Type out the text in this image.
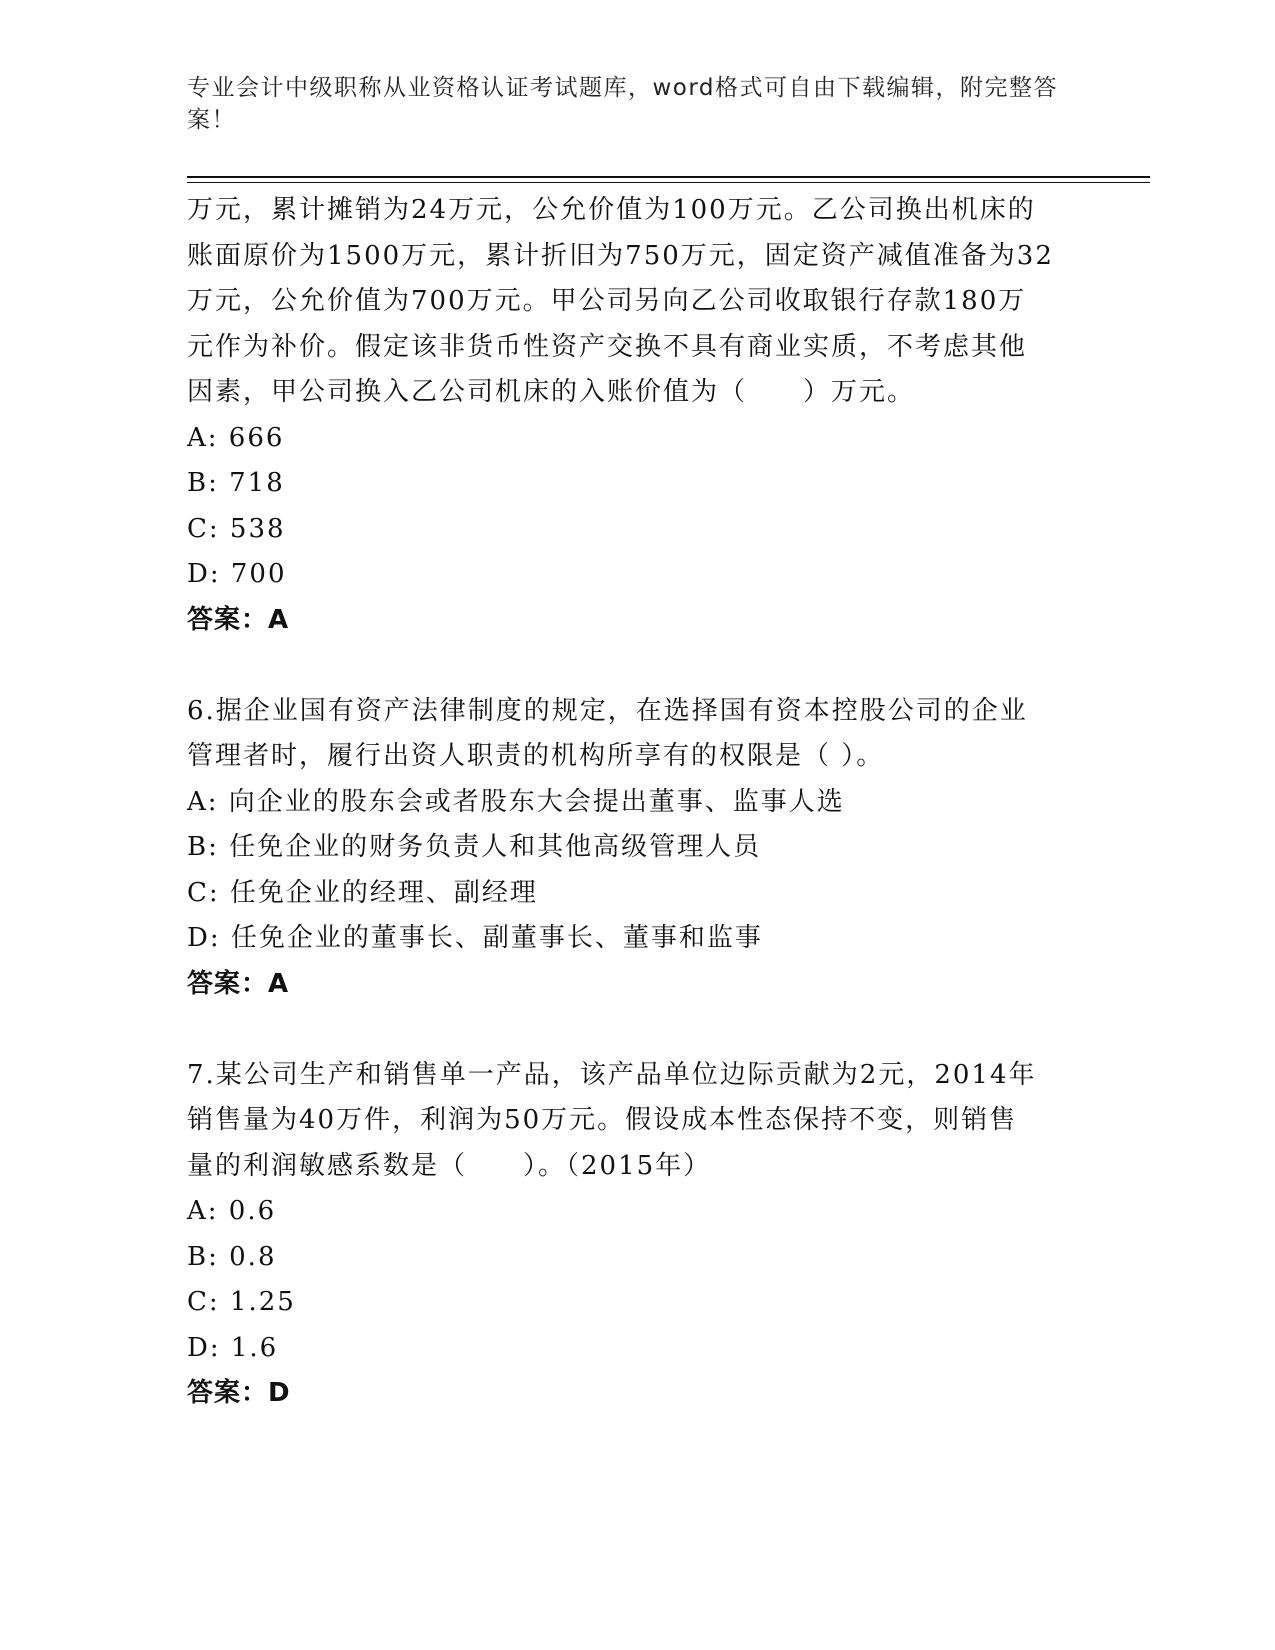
专业会计中级职称从业资格认证考试题库，word格式可自由下载编辑，附完整答
案！
万元，累计摊销为24万元，公允价值为100万元。乙公司换出机床的
账面原价为1500万元，累计折旧为750万元，固定资产减值准备为32
万元，公允价值为700万元。甲公司另向乙公司收取银行存款180万
元作为补价。假定该非货币性资产交换不具有商业实质，不考虑其他
因素，甲公司换入乙公司机床的入账价值为（　　）万元。
A: 666
B: 718
C: 538
D: 700
答案：A
6.据企业国有资产法律制度的规定，在选择国有资本控股公司的企业
管理者时，履行出资人职责的机构所享有的权限是（ ）。
A: 向企业的股东会或者股东大会提出董事、监事人选
B: 任免企业的财务负责人和其他高级管理人员
C: 任免企业的经理、副经理
D: 任免企业的董事长、副董事长、董事和监事
答案：A
7.某公司生产和销售单一产品，该产品单位边际贡献为2元，2014年
销售量为40万件，利润为50万元。假设成本性态保持不变，则销售
量的利润敏感系数是（　　）。（2015年）
A: 0.6
B: 0.8
C: 1.25
D: 1.6
答案：D
